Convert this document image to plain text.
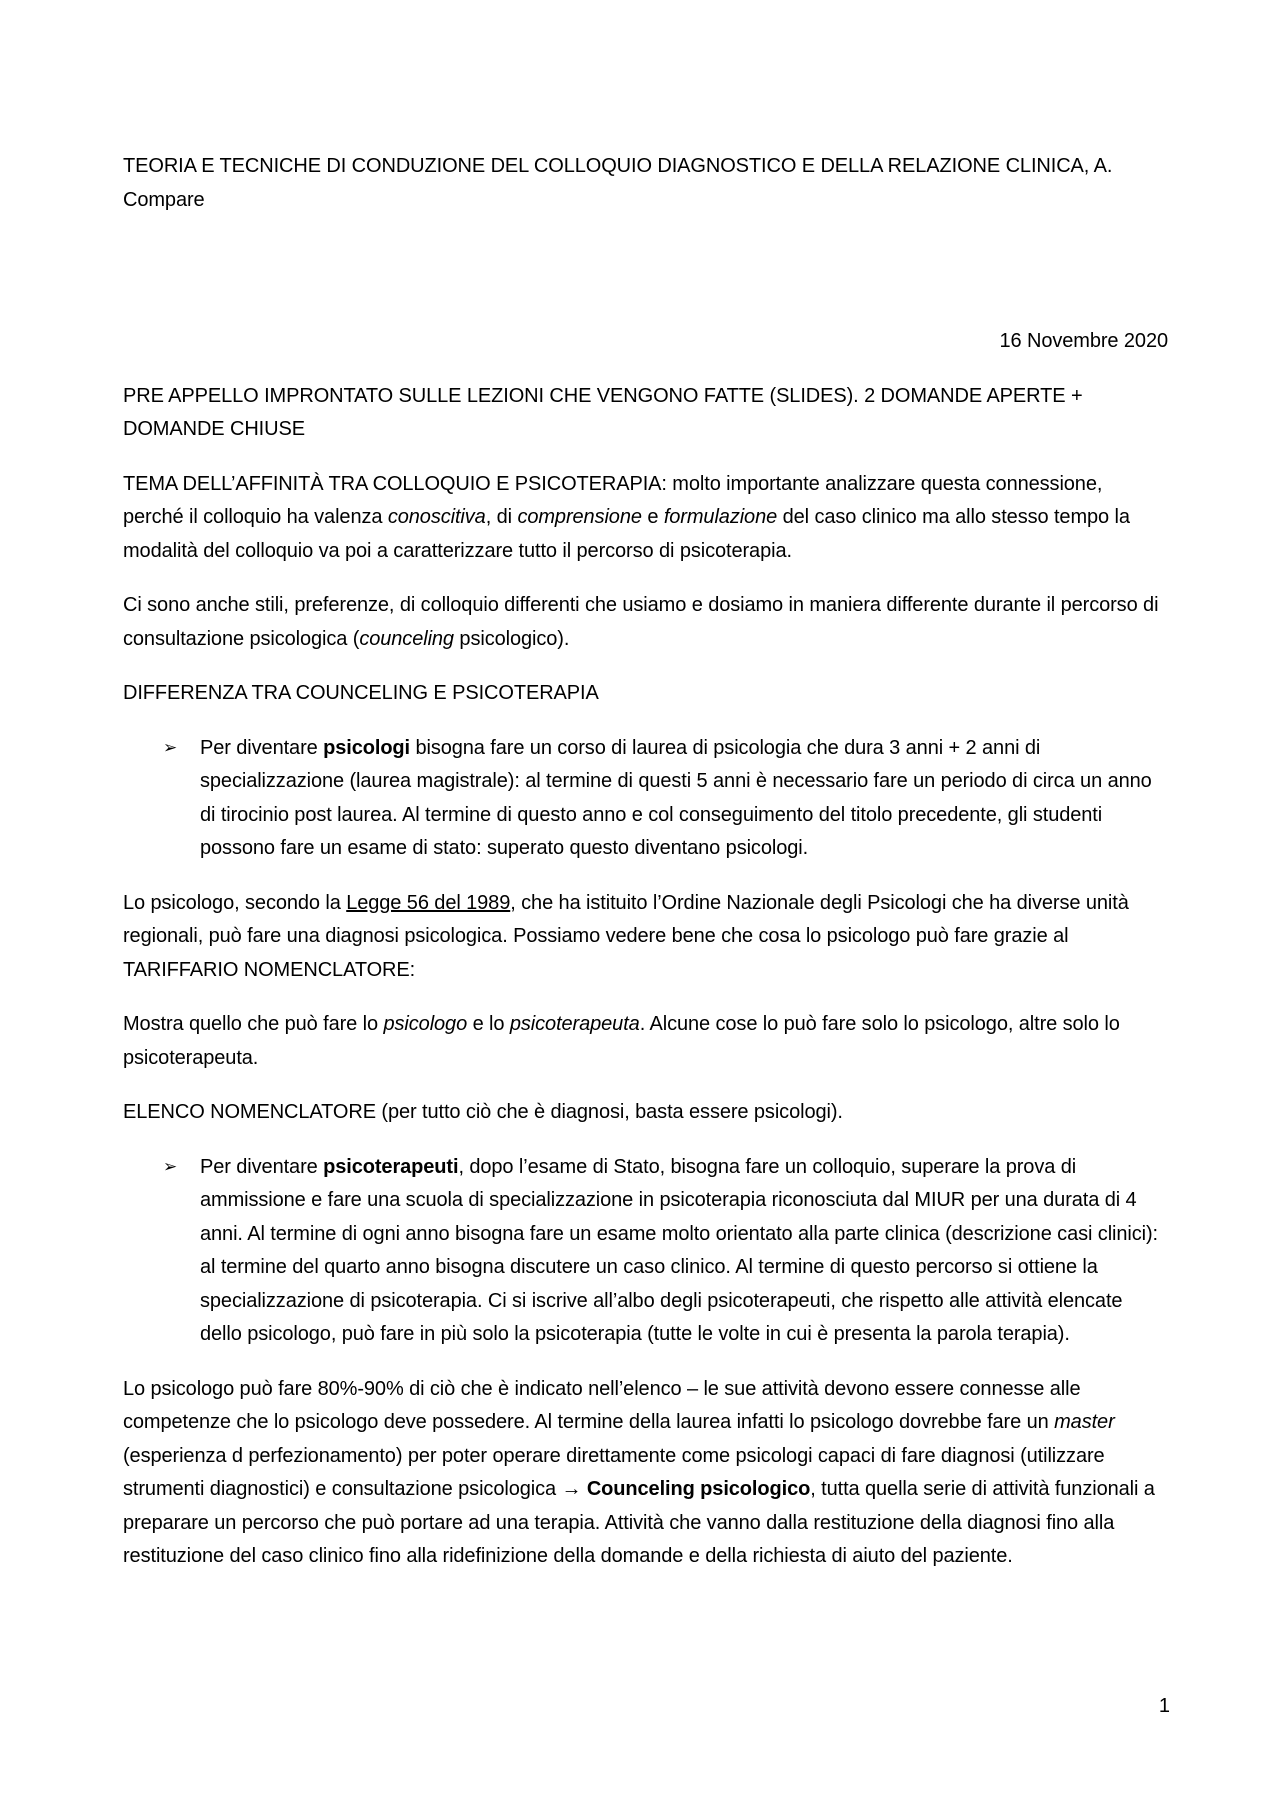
TEORIA E TECNICHE DI CONDUZIONE DEL COLLOQUIO DIAGNOSTICO E DELLA RELAZIONE CLINICA, A. Compare

16 Novembre 2020

PRE APPELLO IMPRONTATO SULLE LEZIONI CHE VENGONO FATTE (SLIDES). 2 DOMANDE APERTE + DOMANDE CHIUSE

TEMA DELL’AFFINITÀ TRA COLLOQUIO E PSICOTERAPIA: molto importante analizzare questa connessione, perché il colloquio ha valenza conoscitiva, di comprensione e formulazione del caso clinico ma allo stesso tempo la modalità del colloquio va poi a caratterizzare tutto il percorso di psicoterapia.

Ci sono anche stili, preferenze, di colloquio differenti che usiamo e dosiamo in maniera differente durante il percorso di consultazione psicologica (counceling psicologico).

DIFFERENZA TRA COUNCELING E PSICOTERAPIA

➢ Per diventare psicologi bisogna fare un corso di laurea di psicologia che dura 3 anni + 2 anni di specializzazione (laurea magistrale): al termine di questi 5 anni è necessario fare un periodo di circa un anno di tirocinio post laurea. Al termine di questo anno e col conseguimento del titolo precedente, gli studenti possono fare un esame di stato: superato questo diventano psicologi.

Lo psicologo, secondo la Legge 56 del 1989, che ha istituito l’Ordine Nazionale degli Psicologi che ha diverse unità regionali, può fare una diagnosi psicologica. Possiamo vedere bene che cosa lo psicologo può fare grazie al TARIFFARIO NOMENCLATORE:

Mostra quello che può fare lo psicologo e lo psicoterapeuta. Alcune cose lo può fare solo lo psicologo, altre solo lo psicoterapeuta.

ELENCO NOMENCLATORE (per tutto ciò che è diagnosi, basta essere psicologi).

➢ Per diventare psicoterapeuti, dopo l’esame di Stato, bisogna fare un colloquio, superare la prova di ammissione e fare una scuola di specializzazione in psicoterapia riconosciuta dal MIUR per una durata di 4 anni. Al termine di ogni anno bisogna fare un esame molto orientato alla parte clinica (descrizione casi clinici): al termine del quarto anno bisogna discutere un caso clinico. Al termine di questo percorso si ottiene la specializzazione di psicoterapia. Ci si iscrive all’albo degli psicoterapeuti, che rispetto alle attività elencate dello psicologo, può fare in più solo la psicoterapia (tutte le volte in cui è presenta la parola terapia).

Lo psicologo può fare 80%-90% di ciò che è indicato nell’elenco – le sue attività devono essere connesse alle competenze che lo psicologo deve possedere. Al termine della laurea infatti lo psicologo dovrebbe fare un master (esperienza d perfezionamento) per poter operare direttamente come psicologi capaci di fare diagnosi (utilizzare strumenti diagnostici) e consultazione psicologica → Counceling psicologico, tutta quella serie di attività funzionali a preparare un percorso che può portare ad una terapia. Attività che vanno dalla restituzione della diagnosi fino alla restituzione del caso clinico fino alla ridefinizione della domande e della richiesta di aiuto del paziente.

1
